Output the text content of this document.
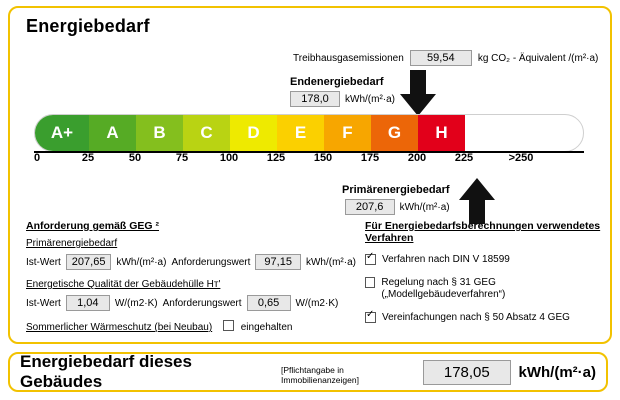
Energiebedarf
Treibhausgasemissionen	59,54	kg CO₂ - Äquivalent /(m²·a)
Endenergiebedarf
178,0	kWh/(m²·a)
A+	A	B	C	D	E	F	G	H
0	25	50	75	100	125	150	175	200	225	>250
Primärenergiebedarf
207,6	kWh/(m²·a)
Anforderung gemäß GEG ²
Primärenergiebedarf
Ist-Wert 207,65	kWh/(m²·a) Anforderungswert	97,15	kWh/(m²·a)
Energetische Qualität der Gebäudehülle Hᴛ'
Ist-Wert	1,04	W/(m2·K) Anforderungswert	0,65	W/(m2·K)
Sommerlicher Wärmeschutz (bei Neubau)	eingehalten
Für Energiebedarfsberechnungen verwendetes Verfahren
✓
Verfahren nach DIN V 18599
Regelung nach § 31 GEG („Modellgebäudeverfahren“)
✓
Vereinfachungen nach § 50 Absatz 4 GEG
Energiebedarf dieses Gebäudes
[Pflichtangabe in Immobilienanzeigen]	178,05	kWh/(m²·a)
